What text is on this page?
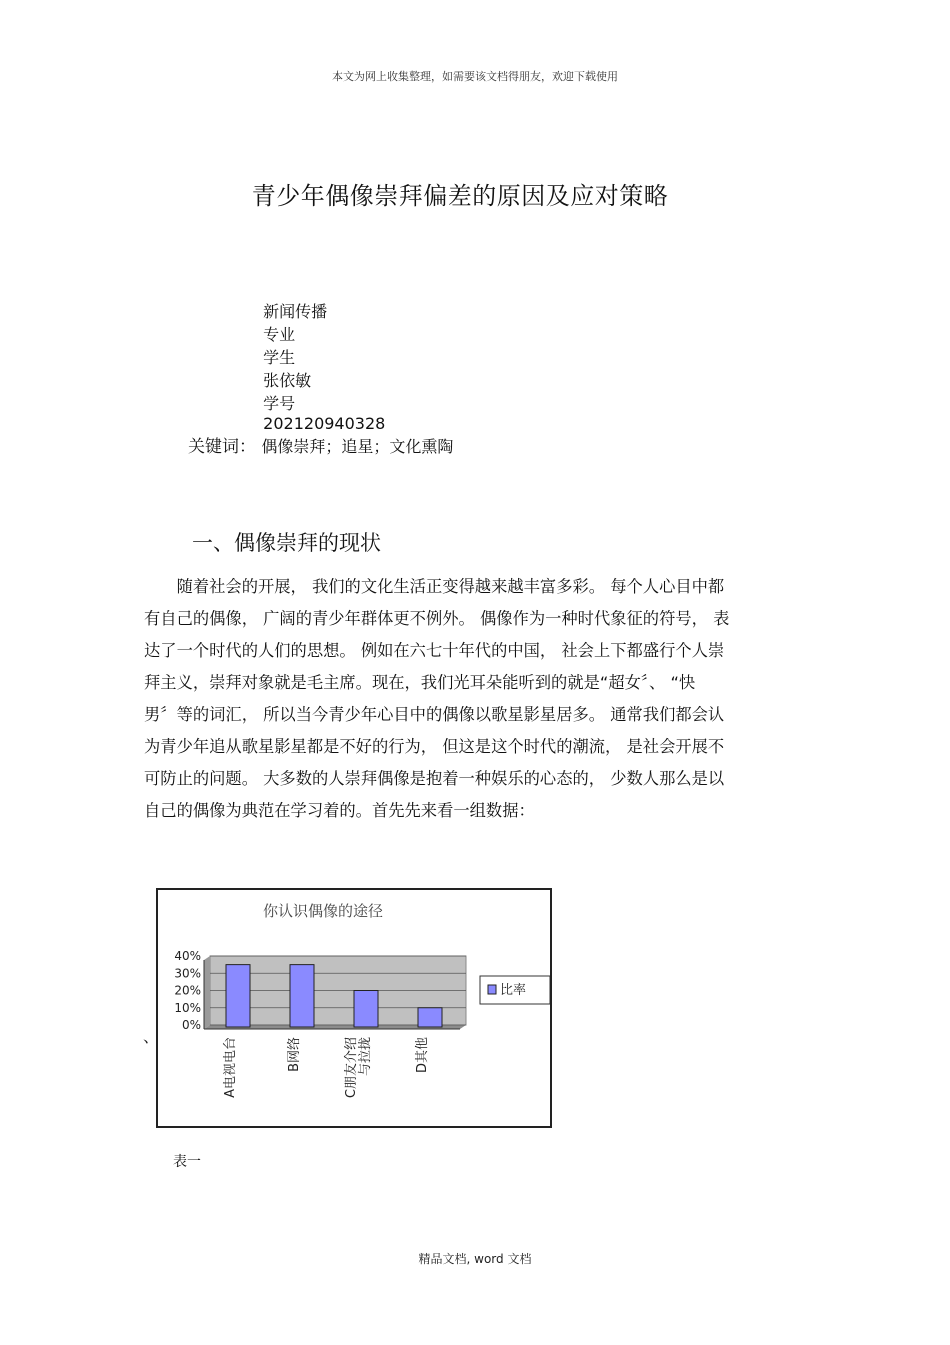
本文为网上收集整理，如需要该文档得朋友，欢迎下载使用
青少年偶像崇拜偏差的原因及应对策略

新闻传播
专业
学生
张依敏
学号
202120940328

关键词： 偶像崇拜；追星；文化熏陶
一、偶像崇拜的现状
　　随着社会的开展， 我们的文化生活正变得越来越丰富多彩。 每个人心目中都
有自己的偶像， 广阔的青少年群体更不例外。 偶像作为一种时代象征的符号， 表
达了一个时代的人们的思想。 例如在六七十年代的中国， 社会上下都盛行个人崇
拜主义，崇拜对象就是毛主席。现在，我们光耳朵能听到的就是“超女〞、 “快
男〞等的词汇， 所以当今青少年心目中的偶像以歌星影星居多。 通常我们都会认
为青少年追从歌星影星都是不好的行为， 但这是这个时代的潮流， 是社会开展不
可防止的问题。 大多数的人崇拜偶像是抱着一种娱乐的心态的， 少数人那么是以
自己的偶像为典范在学习着的。首先先来看一组数据：
、
你认识偶像的途径
40%
30%
20%
10%
0%
A电视电台	B网络	C朋友介绍 与拉拢	D其他
比率
表一
精品文档, word 文档
